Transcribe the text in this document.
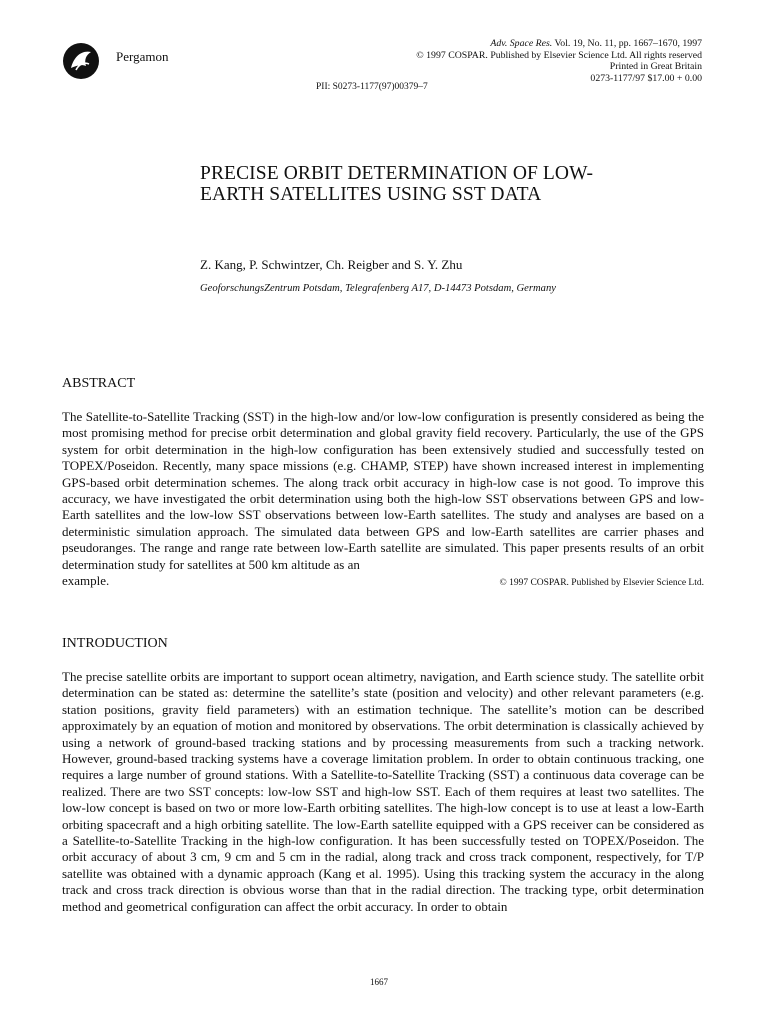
Pergamon
Adv. Space Res. Vol. 19, No. 11, pp. 1667–1670, 1997
© 1997 COSPAR. Published by Elsevier Science Ltd. All rights reserved
Printed in Great Britain
0273-1177/97 $17.00 + 0.00
PII: S0273-1177(97)00379–7
PRECISE ORBIT DETERMINATION OF LOW-EARTH SATELLITES USING SST DATA
Z. Kang, P. Schwintzer, Ch. Reigber and S. Y. Zhu
GeoforschungsZentrum Potsdam, Telegrafenberg A17, D-14473 Potsdam, Germany
ABSTRACT
The Satellite-to-Satellite Tracking (SST) in the high-low and/or low-low configuration is presently considered as being the most promising method for precise orbit determination and global gravity field recovery. Particularly, the use of the GPS system for orbit determination in the high-low configuration has been extensively studied and successfully tested on TOPEX/Poseidon. Recently, many space missions (e.g. CHAMP, STEP) have shown increased interest in implementing GPS-based orbit determination schemes. The along track orbit accuracy in high-low case is not good. To improve this accuracy, we have investigated the orbit determination using both the high-low SST observations between GPS and low-Earth satellites and the low-low SST observations between low-Earth satellites. The study and analyses are based on a deterministic simulation approach. The simulated data between GPS and low-Earth satellites are carrier phases and pseudoranges. The range and range rate between low-Earth satellite are simulated. This paper presents results of an orbit determination study for satellites at 500 km altitude as an
example.	© 1997 COSPAR. Published by Elsevier Science Ltd.
INTRODUCTION
The precise satellite orbits are important to support ocean altimetry, navigation, and Earth science study. The satellite orbit determination can be stated as: determine the satellite’s state (position and velocity) and other relevant parameters (e.g. station positions, gravity field parameters) with an estimation technique. The satellite’s motion can be described approximately by an equation of motion and monitored by observations. The orbit determination is classically achieved by using a network of ground-based tracking stations and by processing measurements from such a tracking network. However, ground-based tracking systems have a coverage limitation problem. In order to obtain continuous tracking, one requires a large number of ground stations. With a Satellite-to-Satellite Tracking (SST) a continuous data coverage can be realized. There are two SST concepts: low-low SST and high-low SST. Each of them requires at least two satellites. The low-low concept is based on two or more low-Earth orbiting satellites. The high-low concept is to use at least a low-Earth orbiting spacecraft and a high orbiting satellite. The low-Earth satellite equipped with a GPS receiver can be considered as a Satellite-to-Satellite Tracking in the high-low configuration. It has been successfully tested on TOPEX/Poseidon. The orbit accuracy of about 3 cm, 9 cm and 5 cm in the radial, along track and cross track component, respectively, for T/P satellite was obtained with a dynamic approach (Kang et al. 1995). Using this tracking system the accuracy in the along track and cross track direction is obvious worse than that in the radial direction. The tracking type, orbit determination method and geometrical configuration can affect the orbit accuracy. In order to obtain
1667
